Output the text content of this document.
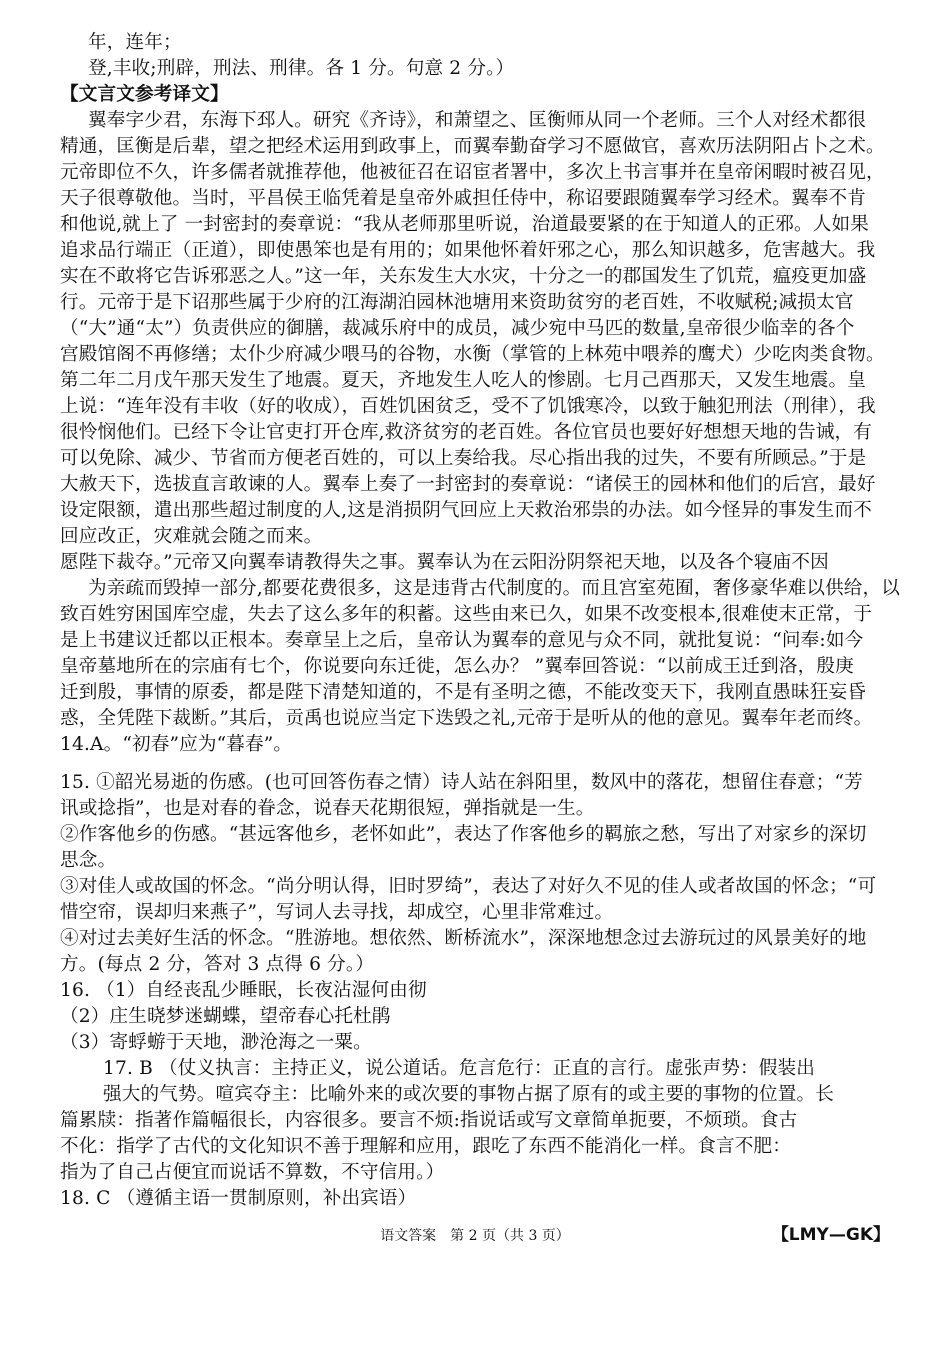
年，连年；
登,丰收;刑辟，刑法、刑律。各 1 分。句意 2 分。）
【文言文参考译文】
翼奉字少君，东海下邳人。研究《齐诗》，和萧望之、匡衡师从同一个老师。三个人对经术都很
精通，匡衡是后辈，望之把经术运用到政事上，而翼奉勤奋学习不愿做官，喜欢历法阴阳占卜之术。
元帝即位不久，许多儒者就推荐他，他被征召在诏宦者署中，多次上书言事并在皇帝闲暇时被召见，
天子很尊敬他。当时，平昌侯王临凭着是皇帝外戚担任侍中，称诏要跟随翼奉学习经术。翼奉不肯
和他说,就上了 一封密封的奏章说：“我从老师那里听说，治道最要紧的在于知道人的正邪。人如果
追求品行端正（正道），即使愚笨也是有用的；如果他怀着奸邪之心，那么知识越多，危害越大。我
实在不敢将它告诉邪恶之人。”这一年，关东发生大水灾，十分之一的郡国发生了饥荒，瘟疫更加盛
行。元帝于是下诏那些属于少府的江海湖泊园林池塘用来资助贫穷的老百姓，不收赋税;减损太官
（“大”通“太”）负责供应的御膳，裁减乐府中的成员，减少宛中马匹的数量,皇帝很少临幸的各个
宫殿馆阁不再修缮；太仆少府减少喂马的谷物，水衡（掌管的上林苑中喂养的鹰犬）少吃肉类食物。
第二年二月戊午那天发生了地震。夏天，齐地发生人吃人的惨剧。七月己酉那天，又发生地震。皇
上说：“连年没有丰收（好的收成），百姓饥困贫乏，受不了饥饿寒冷，以致于触犯刑法（刑律），我
很怜悯他们。已经下令让官吏打开仓库,救济贫穷的老百姓。各位官员也要好好想想天地的告诫，有
可以免除、减少、节省而方便老百姓的，可以上奏给我。尽心指出我的过失，不要有所顾忌。”于是
大赦天下，选拔直言敢谏的人。翼奉上奏了一封密封的奏章说：“诸侯王的园林和他们的后宫，最好
设定限额，遣出那些超过制度的人,这是消损阴气回应上天救治邪祟的办法。如今怪异的事发生而不
回应改正，灾难就会随之而来。
愿陛下裁夺。”元帝又向翼奉请教得失之事。翼奉认为在云阳汾阴祭祀天地，以及各个寝庙不因
为亲疏而毁掉一部分,都要花费很多，这是违背古代制度的。而且宫室苑囿，奢侈豪华难以供给，以
致百姓穷困国库空虚，失去了这么多年的积蓄。这些由来已久，如果不改变根本,很难使末正常，于
是上书建议迁都以正根本。奏章呈上之后，皇帝认为翼奉的意见与众不同，就批复说：“问奉:如今
皇帝墓地所在的宗庙有七个，你说要向东迁徙，怎么办？ ”翼奉回答说：“以前成王迁到洛，殷庚
迁到殷，事情的原委，都是陛下清楚知道的，不是有圣明之德，不能改变天下，我刚直愚昧狂妄昏
惑，全凭陛下裁断。”其后，贡禹也说应当定下迭毁之礼,元帝于是听从的他的意见。翼奉年老而终。
14.A。“初春”应为“暮春”。
15. ①韶光易逝的伤感。(也可回答伤春之情）诗人站在斜阳里，数风中的落花，想留住春意；“芳
讯或捻指”，也是对春的眷念，说春天花期很短，弹指就是一生。
②作客他乡的伤感。“甚远客他乡，老怀如此”，表达了作客他乡的羁旅之愁，写出了对家乡的深切
思念。
③对佳人或故国的怀念。“尚分明认得，旧时罗绮”，表达了对好久不见的佳人或者故国的怀念；“可
惜空帘，误却归来燕子”，写词人去寻找，却成空，心里非常难过。
④对过去美好生活的怀念。“胜游地。想依然、断桥流水”，深深地想念过去游玩过的风景美好的地
方。(每点 2 分，答对 3 点得 6 分。）
16. （1）自经丧乱少睡眠，长夜沾湿何由彻
（2）庄生晓梦迷蝴蝶，望帝春心托杜鹃
（3）寄蜉蝣于天地，渺沧海之一粟。
17. B （仗义执言：主持正义，说公道话。危言危行：正直的言行。虚张声势：假装出
强大的气势。喧宾夺主：比喻外来的或次要的事物占据了原有的或主要的事物的位置。长
篇累牍：指著作篇幅很长，内容很多。要言不烦:指说话或写文章简单扼要，不烦琐。食古
不化：指学了古代的文化知识不善于理解和应用，跟吃了东西不能消化一样。食言不肥：
指为了自己占便宜而说话不算数，不守信用。）
18. C （遵循主语一贯制原则，补出宾语）
语文答案　第 2 页（共 3 页）	【LMY—GK】
